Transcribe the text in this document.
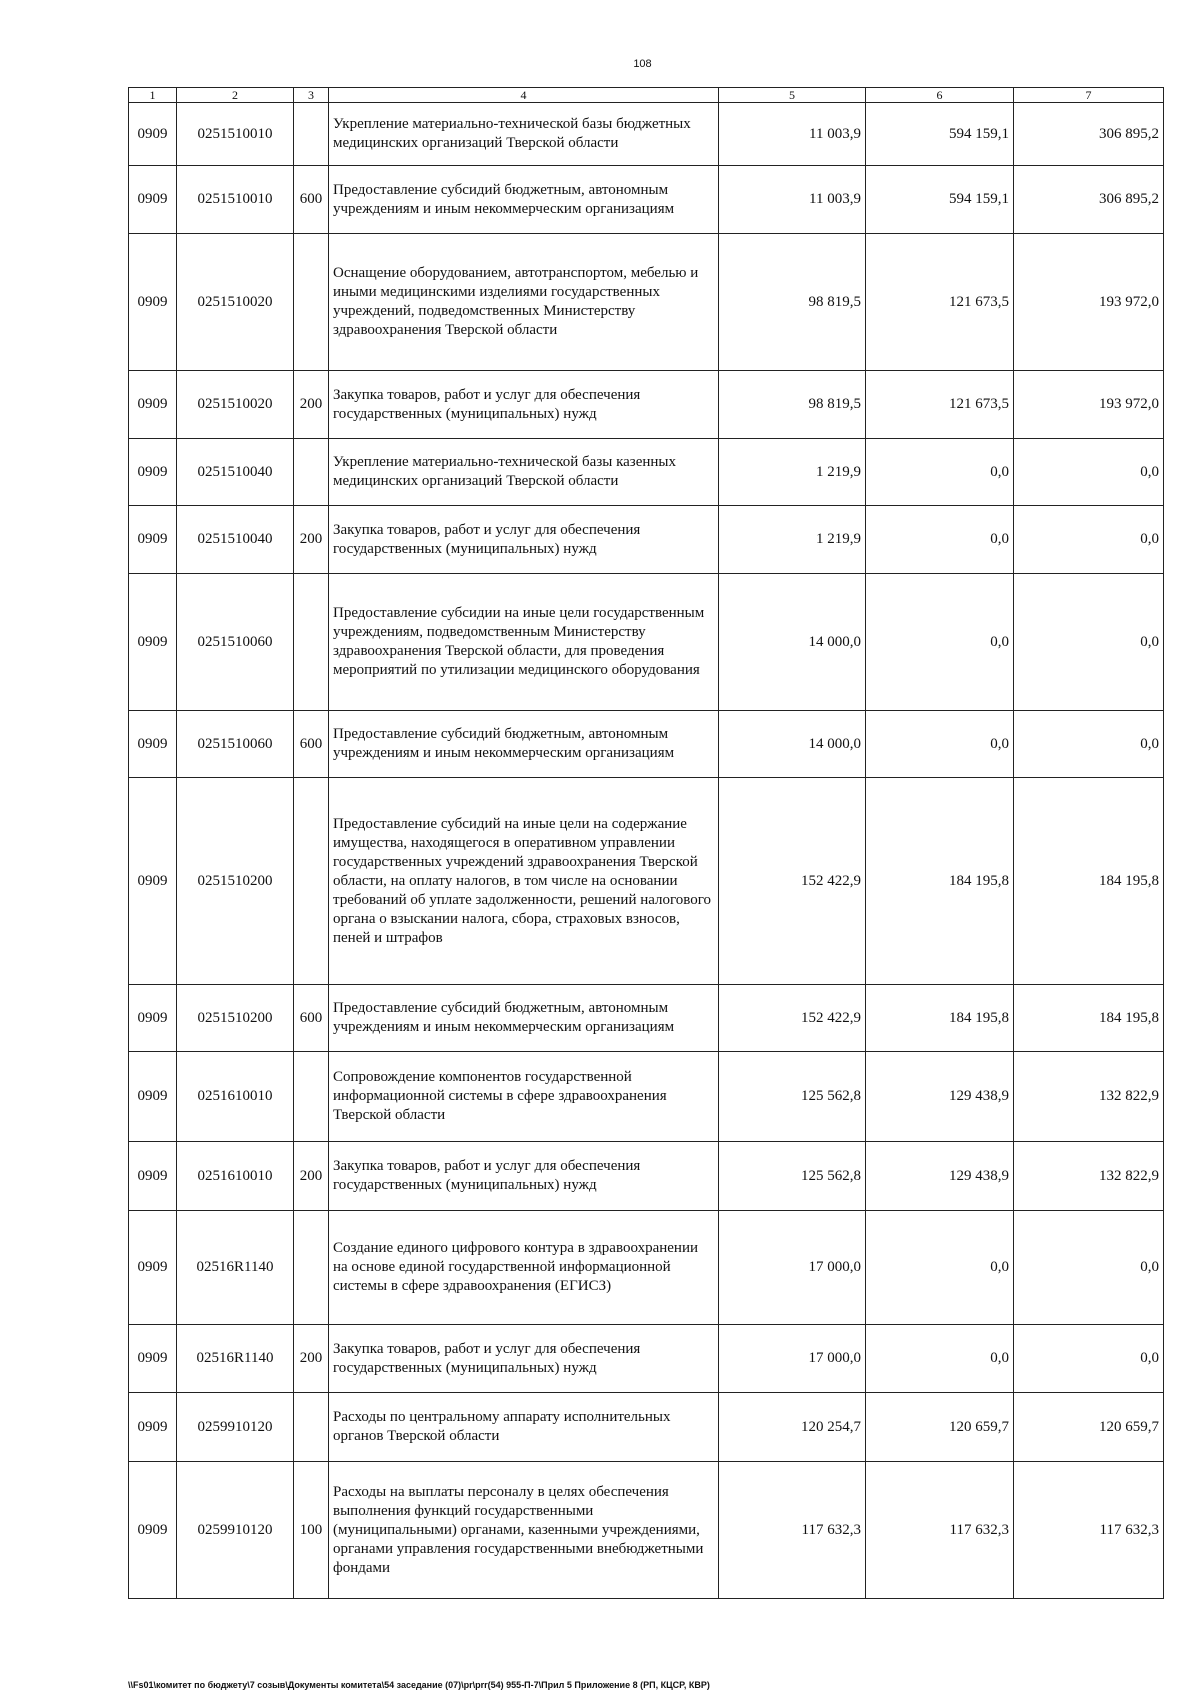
108
1	2	3	4	5	6	7
0909	0251510010		Укрепление материально-технической базы бюджетных медицинских организаций Тверской области	11 003,9	594 159,1	306 895,2
0909	0251510010	600	Предоставление субсидий бюджетным, автономным учреждениям и иным некоммерческим организациям	11 003,9	594 159,1	306 895,2
0909	0251510020		Оснащение оборудованием, автотранспортом, мебелью и иными медицинскими изделиями государственных учреждений, подведомственных Министерству здравоохранения Тверской области	98 819,5	121 673,5	193 972,0
0909	0251510020	200	Закупка товаров, работ и услуг для обеспечения государственных (муниципальных) нужд	98 819,5	121 673,5	193 972,0
0909	0251510040		Укрепление материально-технической базы казенных медицинских организаций Тверской области	1 219,9	0,0	0,0
0909	0251510040	200	Закупка товаров, работ и услуг для обеспечения государственных (муниципальных) нужд	1 219,9	0,0	0,0
0909	0251510060		Предоставление субсидии на иные цели государственным учреждениям, подведомственным Министерству здравоохранения Тверской области, для проведения мероприятий по утилизации медицинского оборудования	14 000,0	0,0	0,0
0909	0251510060	600	Предоставление субсидий бюджетным, автономным учреждениям и иным некоммерческим организациям	14 000,0	0,0	0,0
0909	0251510200		Предоставление субсидий на иные цели на содержание имущества, находящегося в оперативном управлении государственных учреждений здравоохранения Тверской области, на оплату налогов, в том числе на основании требований об уплате задолженности, решений налогового органа о взыскании налога, сбора, страховых взносов, пеней и штрафов	152 422,9	184 195,8	184 195,8
0909	0251510200	600	Предоставление субсидий бюджетным, автономным учреждениям и иным некоммерческим организациям	152 422,9	184 195,8	184 195,8
0909	0251610010		Сопровождение компонентов государственной информационной системы в сфере здравоохранения Тверской области	125 562,8	129 438,9	132 822,9
0909	0251610010	200	Закупка товаров, работ и услуг для обеспечения государственных (муниципальных) нужд	125 562,8	129 438,9	132 822,9
0909	02516R1140		Создание единого цифрового контура в здравоохранении на основе единой государственной информационной системы в сфере здравоохранения (ЕГИСЗ)	17 000,0	0,0	0,0
0909	02516R1140	200	Закупка товаров, работ и услуг для обеспечения государственных (муниципальных) нужд	17 000,0	0,0	0,0
0909	0259910120		Расходы по центральному аппарату исполнительных органов Тверской области	120 254,7	120 659,7	120 659,7
0909	0259910120	100	Расходы на выплаты персоналу в целях обеспечения выполнения функций государственными (муниципальными) органами, казенными учреждениями, органами управления государственными внебюджетными фондами	117 632,3	117 632,3	117 632,3
\\Fs01\комитет по бюджету\7 созыв\Документы комитета\54 заседание (07)\pr\prr(54) 955-П-7\Прил 5 Приложение 8 (РП, КЦСР, КВР)
